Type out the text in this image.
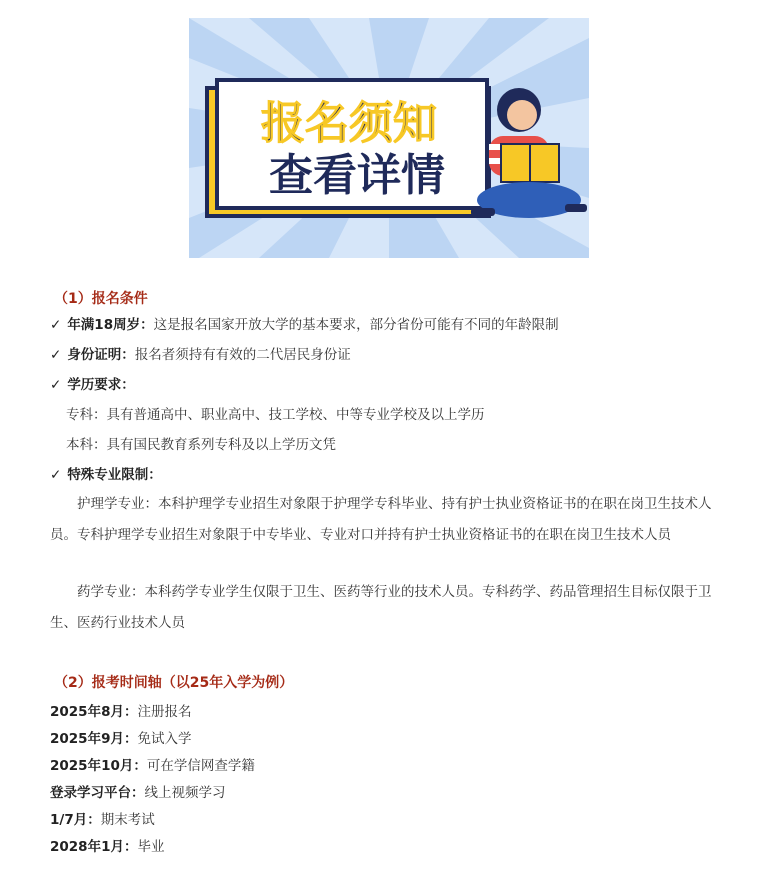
报名须知
查看详情
（1）报名条件
✓ 年满18周岁：这是报名国家开放大学的基本要求，部分省份可能有不同的年龄限制
✓ 身份证明：报名者须持有有效的二代居民身份证
✓ 学历要求：
专科：具有普通高中、职业高中、技工学校、中等专业学校及以上学历
本科：具有国民教育系列专科及以上学历文凭
✓ 特殊专业限制：
护理学专业：本科护理学专业招生对象限于护理学专科毕业、持有护士执业资格证书的在职在岗卫生技术人员。专科护理学专业招生对象限于中专毕业、专业对口并持有护士执业资格证书的在职在岗卫生技术人员
药学专业：本科药学专业学生仅限于卫生、医药等行业的技术人员。专科药学、药品管理招生目标仅限于卫生、医药行业技术人员
（2）报考时间轴（以25年入学为例）
2025年8月：注册报名
2025年9月：免试入学
2025年10月：可在学信网查学籍
登录学习平台：线上视频学习
1/7月：期末考试
2028年1月：毕业
